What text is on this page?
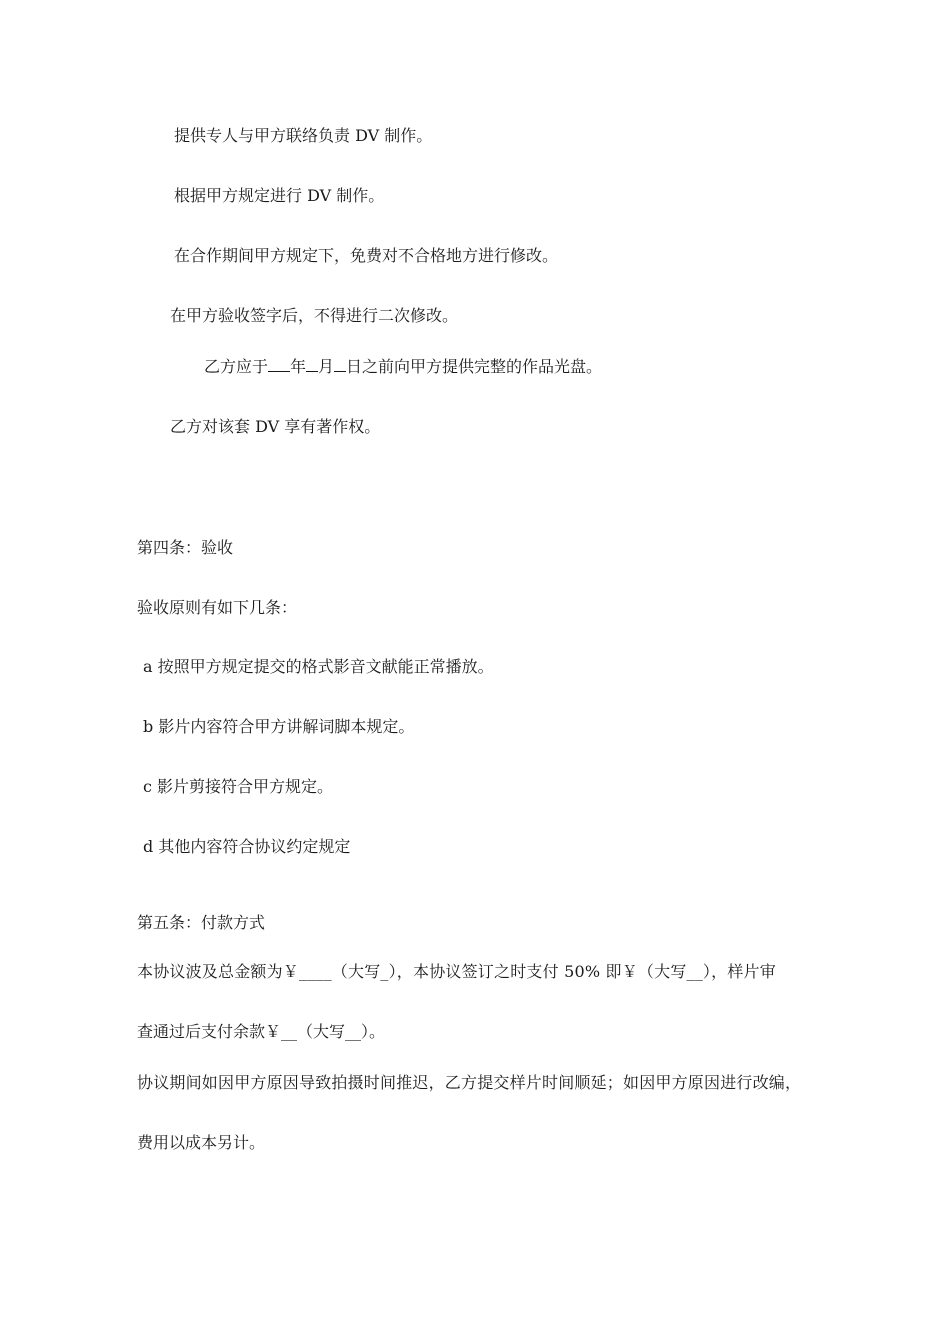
提供专人与甲方联络负责 DV 制作。
根据甲方规定进行 DV 制作。
在合作期间甲方规定下，免费对不合格地方进行修改。
在甲方验收签字后，不得进行二次修改。
乙方应于 年 月 日之前向甲方提供完整的作品光盘。
乙方对该套 DV 享有著作权。
第四条：验收
验收原则有如下几条：
a 按照甲方规定提交的格式影音文献能正常播放。
b 影片内容符合甲方讲解词脚本规定。
c 影片剪接符合甲方规定。
d 其他内容符合协议约定规定
第五条：付款方式
本协议波及总金额为￥____（大写_），本协议签订之时支付 50% 即￥（大写__），样片审
查通过后支付余款￥__（大写__）。
协议期间如因甲方原因导致拍摄时间推迟，乙方提交样片时间顺延；如因甲方原因进行改编，
费用以成本另计。
